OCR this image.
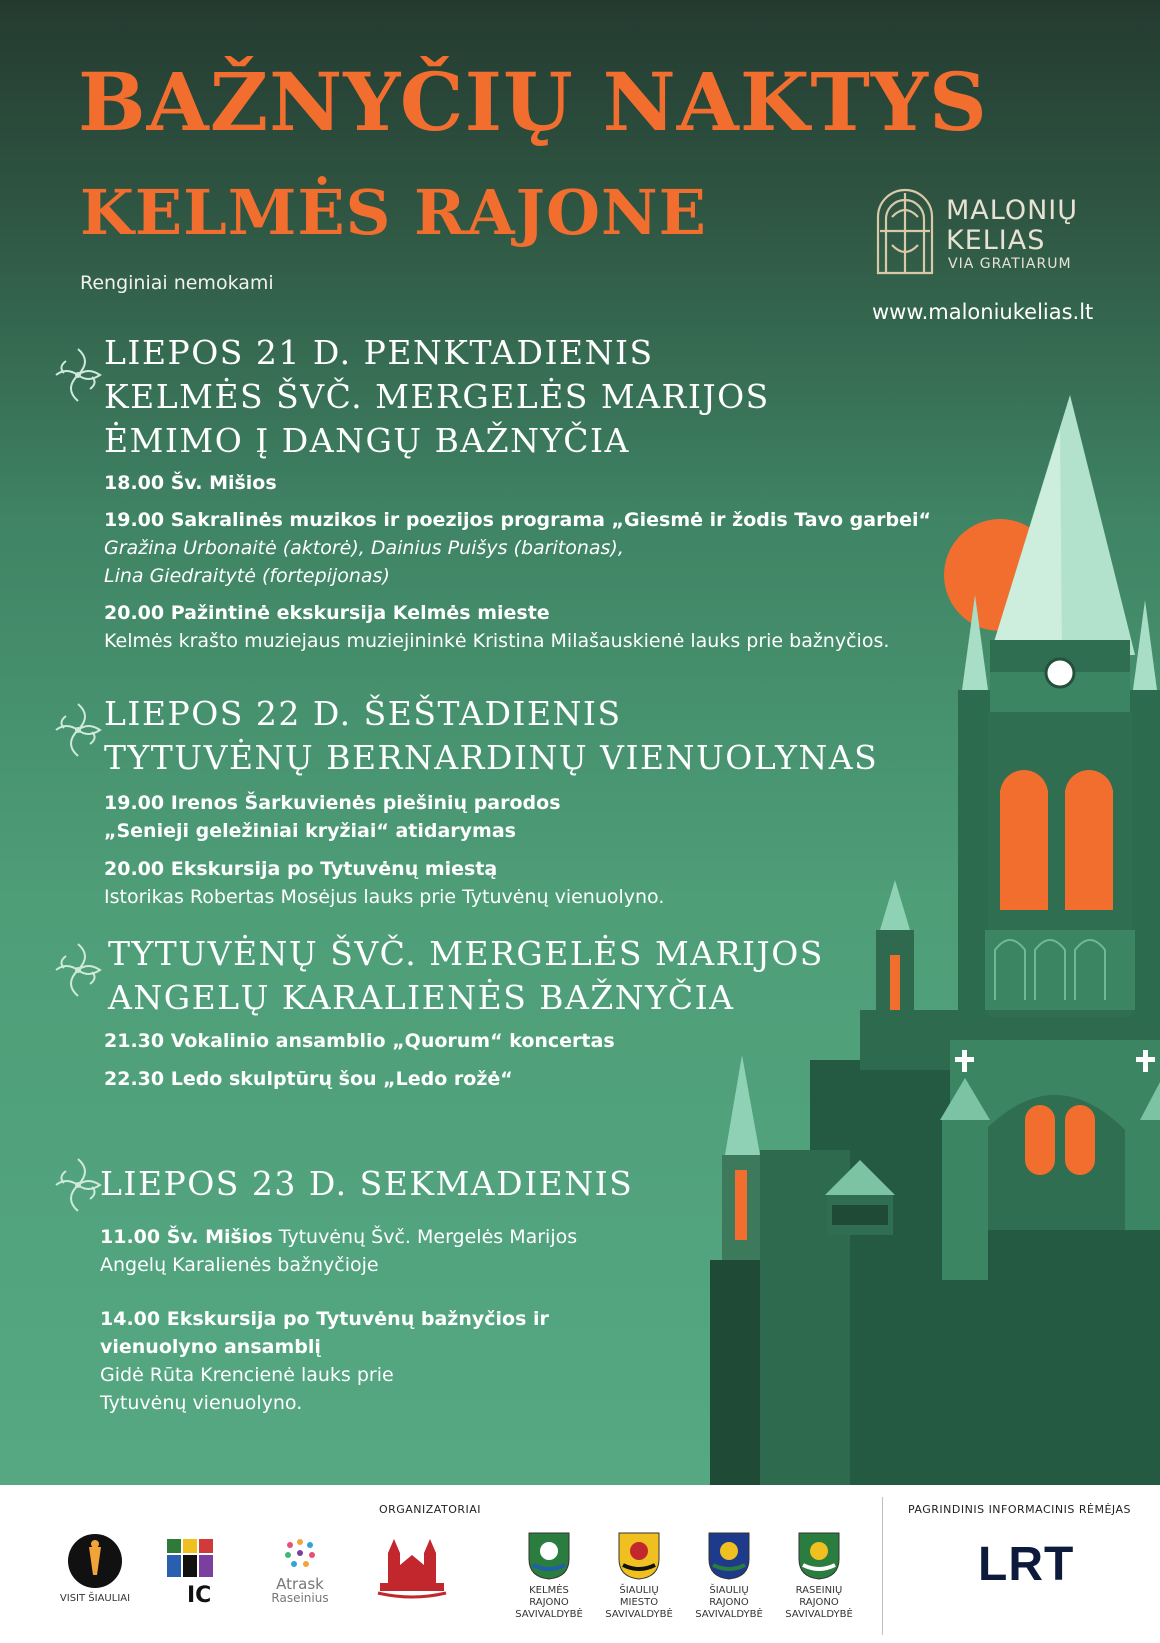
BAŽNYČIŲ NAKTYS
KELMĖS RAJONE
Renginiai nemokami
MALONIŲ
KELIAS
VIA GRATIARUM
www.maloniukelias.lt
LIEPOS 21 D. PENKTADIENIS
KELMĖS ŠVČ. MERGELĖS MARIJOS
ĖMIMO Į DANGŲ BAŽNYČIA
18.00 Šv. Mišios
19.00 Sakralinės muzikos ir poezijos programa „Giesmė ir žodis Tavo garbei“
Gražina Urbonaitė (aktorė), Dainius Puišys (baritonas),
Lina Giedraitytė (fortepijonas)
20.00 Pažintinė ekskursija Kelmės mieste
Kelmės krašto muziejaus muziejininkė Kristina Milašauskienė lauks prie bažnyčios.
LIEPOS 22 D. ŠEŠTADIENIS
TYTUVĖNŲ BERNARDINŲ VIENUOLYNAS
19.00 Irenos Šarkuvienės piešinių parodos
„Senieji geležiniai kryžiai“ atidarymas
20.00 Ekskursija po Tytuvėnų miestą
Istorikas Robertas Mosėjus lauks prie Tytuvėnų vienuolyno.
TYTUVĖNŲ ŠVČ. MERGELĖS MARIJOS
ANGELŲ KARALIENĖS BAŽNYČIA
21.30 Vokalinio ansamblio „Quorum“ koncertas
22.30 Ledo skulptūrų šou „Ledo rožė“
LIEPOS 23 D. SEKMADIENIS
11.00 Šv. Mišios Tytuvėnų Švč. Mergelės Marijos
Angelų Karalienės bažnyčioje
14.00 Ekskursija po Tytuvėnų bažnyčios ir
vienuolyno ansamblį
Gidė Rūta Krencienė lauks prie
Tytuvėnų vienuolyno.
ORGANIZATORIAI	PAGRINDINIS INFORMACINIS RĖMĖJAS
VISIT ŠIAULIAI	IC	Atrask
Raseinius
KELMĖS
RAJONO
SAVIVALDYBĖ
ŠIAULIŲ
MIESTO
SAVIVALDYBĖ
ŠIAULIŲ
RAJONO
SAVIVALDYBĖ
RASEINIŲ
RAJONO
SAVIVALDYBĖ
LRT
